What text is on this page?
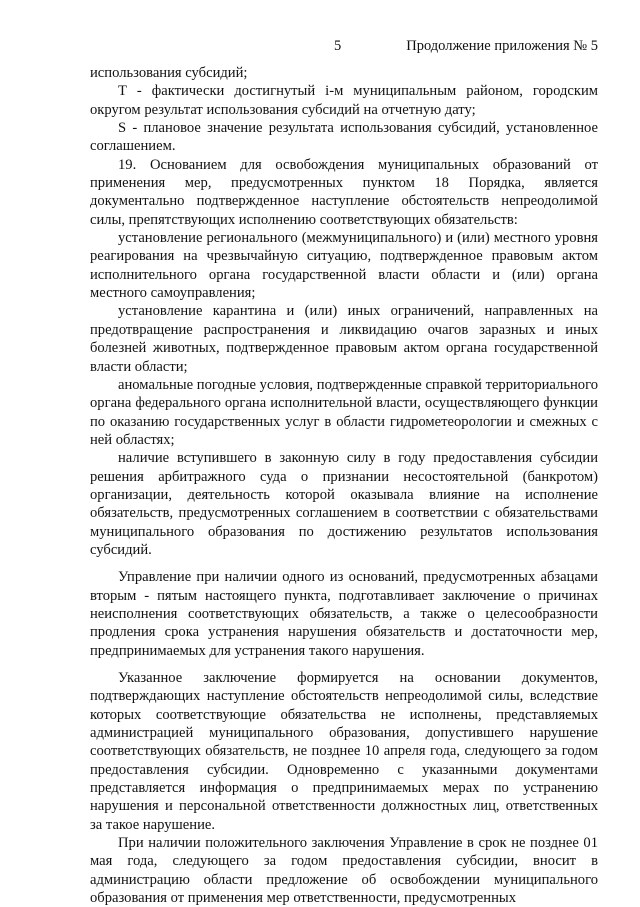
5	Продолжение приложения № 5

использования субсидий;

Т - фактически достигнутый i-м муниципальным районом, городским округом результат использования субсидий на отчетную дату;

S - плановое значение результата использования субсидий, установленное соглашением.

19. Основанием для освобождения муниципальных образований от применения мер, предусмотренных пунктом 18 Порядка, является документально подтвержденное наступление обстоятельств непреодолимой силы, препятствующих исполнению соответствующих обязательств:

установление регионального (межмуниципального) и (или) местного уровня реагирования на чрезвычайную ситуацию, подтвержденное правовым актом исполнительного органа государственной власти области и (или) органа местного самоуправления;

установление карантина и (или) иных ограничений, направленных на предотвращение распространения и ликвидацию очагов заразных и иных болезней животных, подтвержденное правовым актом органа государственной власти области;

аномальные погодные условия, подтвержденные справкой территориального органа федерального органа исполнительной власти, осуществляющего функции по оказанию государственных услуг в области гидрометеорологии и смежных с ней областях;

наличие вступившего в законную силу в году предоставления субсидии решения арбитражного суда о признании несостоятельной (банкротом) организации, деятельность которой оказывала влияние на исполнение обязательств, предусмотренных соглашением в соответствии с обязательствами муниципального образования по достижению результатов использования субсидий.

Управление при наличии одного из оснований, предусмотренных абзацами вторым - пятым настоящего пункта, подготавливает заключение о причинах неисполнения соответствующих обязательств, а также о целесообразности продления срока устранения нарушения обязательств и достаточности мер, предпринимаемых для устранения такого нарушения.

Указанное заключение формируется на основании документов, подтверждающих наступление обстоятельств непреодолимой силы, вследствие которых соответствующие обязательства не исполнены, представляемых администрацией муниципального образования, допустившего нарушение соответствующих обязательств, не позднее 10 апреля года, следующего за годом предоставления субсидии. Одновременно с указанными документами представляется информация о предпринимаемых мерах по устранению нарушения и персональной ответственности должностных лиц, ответственных за такое нарушение.

При наличии положительного заключения Управление в срок не позднее 01 мая года, следующего за годом предоставления субсидии, вносит в администрацию области предложение об освобождении муниципального образования от применения мер ответственности, предусмотренных
